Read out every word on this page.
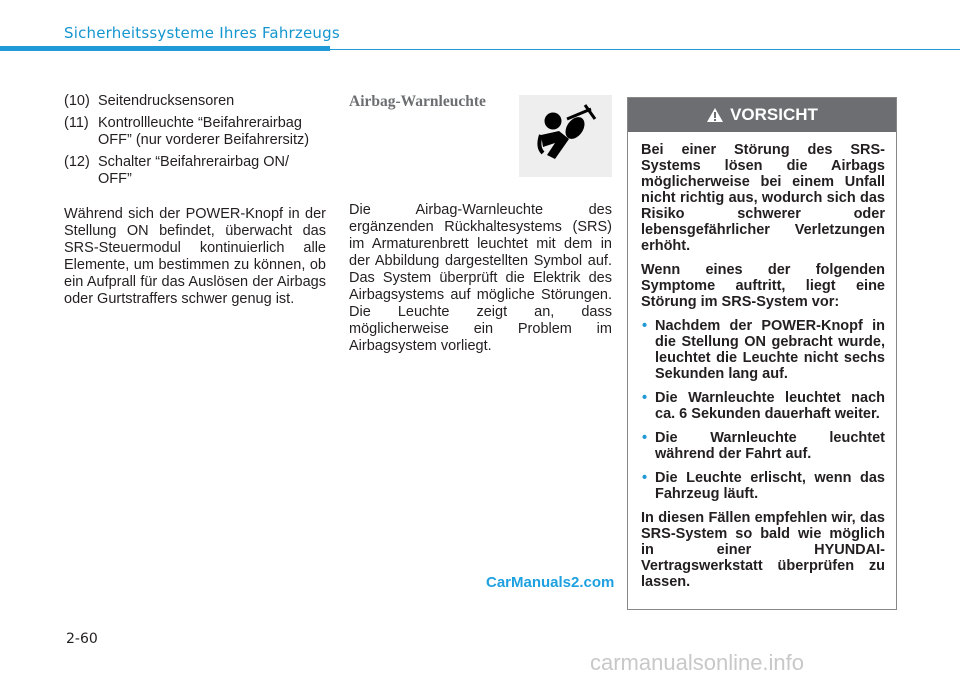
Sicherheitssysteme Ihres Fahrzeugs
(10) Seitendrucksensoren
(11) Kontrollleuchte “Beifahrerairbag OFF” (nur vorderer Beifahrersitz)
(12) Schalter “Beifahrerairbag ON/ OFF”
Während sich der POWER-Knopf in der Stellung ON befindet, überwacht das SRS-Steuermodul kontinuierlich alle Elemente, um bestimmen zu können, ob ein Aufprall für das Auslösen der Airbags oder Gurtstraffers schwer genug ist.
Airbag-Warnleuchte
Die Airbag-Warnleuchte des ergänzenden Rückhaltesystems (SRS) im Armaturenbrett leuchtet mit dem in der Abbildung dargestellten Symbol auf. Das System überprüft die Elektrik des Airbagsystems auf mögliche Störungen. Die Leuchte zeigt an, dass möglicherweise ein Problem im Airbagsystem vorliegt.
VORSICHT

Bei einer Störung des SRS-Systems lösen die Airbags möglicherweise bei einem Unfall nicht richtig aus, wodurch sich das Risiko schwerer oder lebensgefährlicher Verletzungen erhöht.

Wenn eines der folgenden Symptome auftritt, liegt eine Störung im SRS-System vor:

• Nachdem der POWER-Knopf in die Stellung ON gebracht wurde, leuchtet die Leuchte nicht sechs Sekunden lang auf.
• Die Warnleuchte leuchtet nach ca. 6 Sekunden dauerhaft weiter.
• Die Warnleuchte leuchtet während der Fahrt auf.
• Die Leuchte erlischt, wenn das Fahrzeug läuft.

In diesen Fällen empfehlen wir, das SRS-System so bald wie möglich in einer HYUNDAI-Vertragswerkstatt überprüfen zu lassen.

2-60
CarManuals2.com
carmanualsonline.info
